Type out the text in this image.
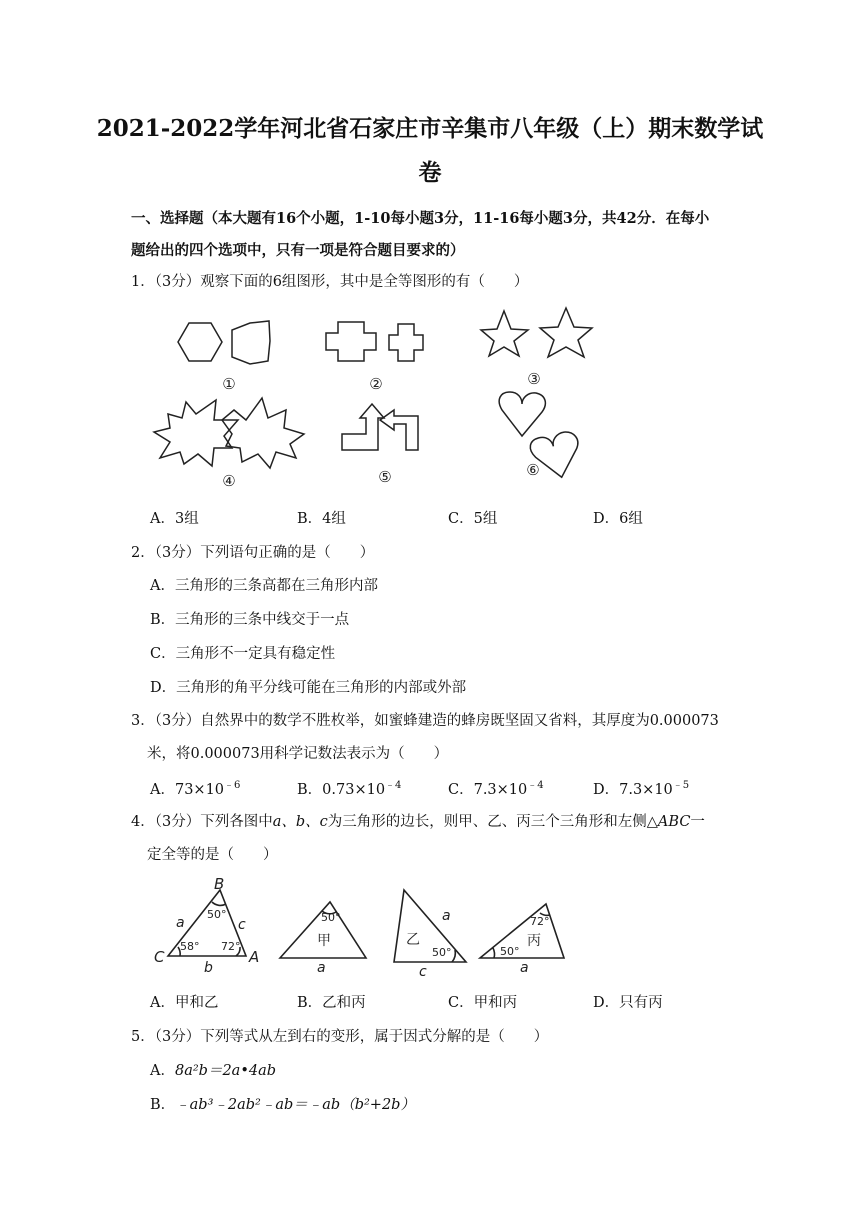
2021-2022学年河北省石家庄市辛集市八年级（上）期末数学试
卷
一、选择题（本大题有16个小题，1-10每小题3分，11-16每小题3分，共42分．在每小
题给出的四个选项中，只有一项是符合题目要求的）
1．（3分）观察下面的6组图形，其中是全等图形的有（　　）
①	②	③
④	⑤	⑥
A．3组	B．4组	C．5组	D．6组
2．（3分）下列语句正确的是（　　）
A．三角形的三条高都在三角形内部
B．三角形的三条中线交于一点
C．三角形不一定具有稳定性
D．三角形的角平分线可能在三角形的内部或外部
3．（3分）自然界中的数学不胜枚举，如蜜蜂建造的蜂房既坚固又省料，其厚度为0.000073
米，将0.000073用科学记数法表示为（　　）
A．$73\times 10^{﹣6}$	B．$0.73\times 10^{﹣4}$	C．$7.3\times 10^{﹣4}$	D．$7.3\times 10^{﹣5}$
4．（3分）下列各图中a、b、c为三角形的边长，则甲、乙、丙三个三角形和左侧△ABC一
定全等的是（　　）
B
C	A
a	c
b
50°
58° 72°
50°
甲
a
a
乙
50°
c
72°
丙
50°
a
A．甲和乙	B．乙和丙	C．甲和丙	D．只有丙
5．（3分）下列等式从左到右的变形，属于因式分解的是（　　）
A．8a²b＝2a•4ab
B．﹣ab³﹣2ab²﹣ab＝﹣ab（b²+2b）
